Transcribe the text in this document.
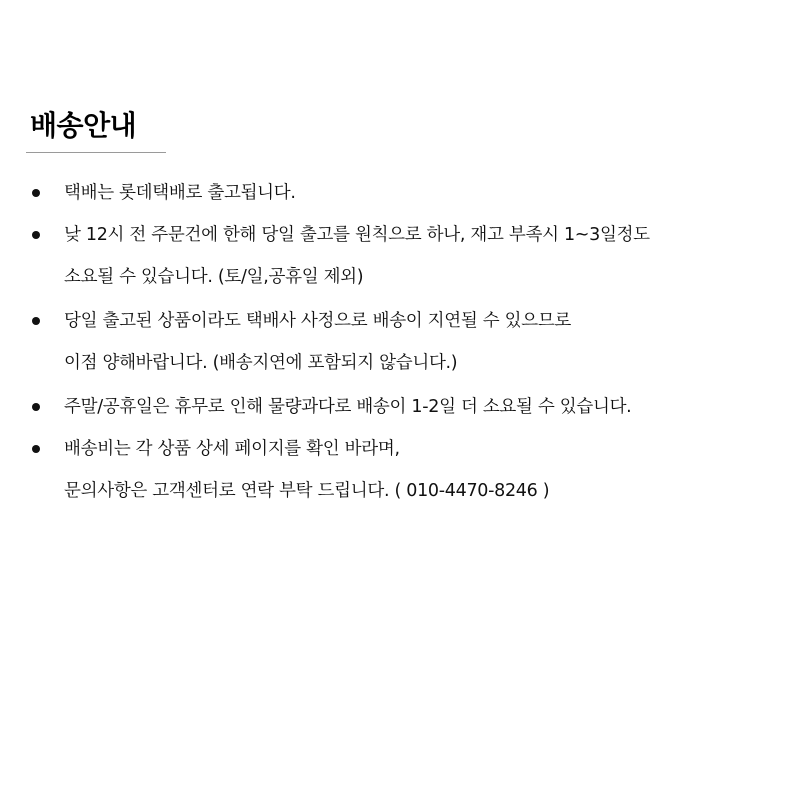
배송안내
택배는 롯데택배로 출고됩니다.
낮 12시 전 주문건에 한해 당일 출고를 원칙으로 하나, 재고 부족시 1~3일정도
소요될 수 있습니다. (토/일,공휴일 제외)
당일 출고된 상품이라도 택배사 사정으로 배송이 지연될 수 있으므로
이점 양해바랍니다. (배송지연에 포함되지 않습니다.)
주말/공휴일은 휴무로 인해 물량과다로 배송이 1-2일 더 소요될 수 있습니다.
배송비는 각 상품 상세 페이지를 확인 바라며,
문의사항은 고객센터로 연락 부탁 드립니다. ( 010-4470-8246 )
